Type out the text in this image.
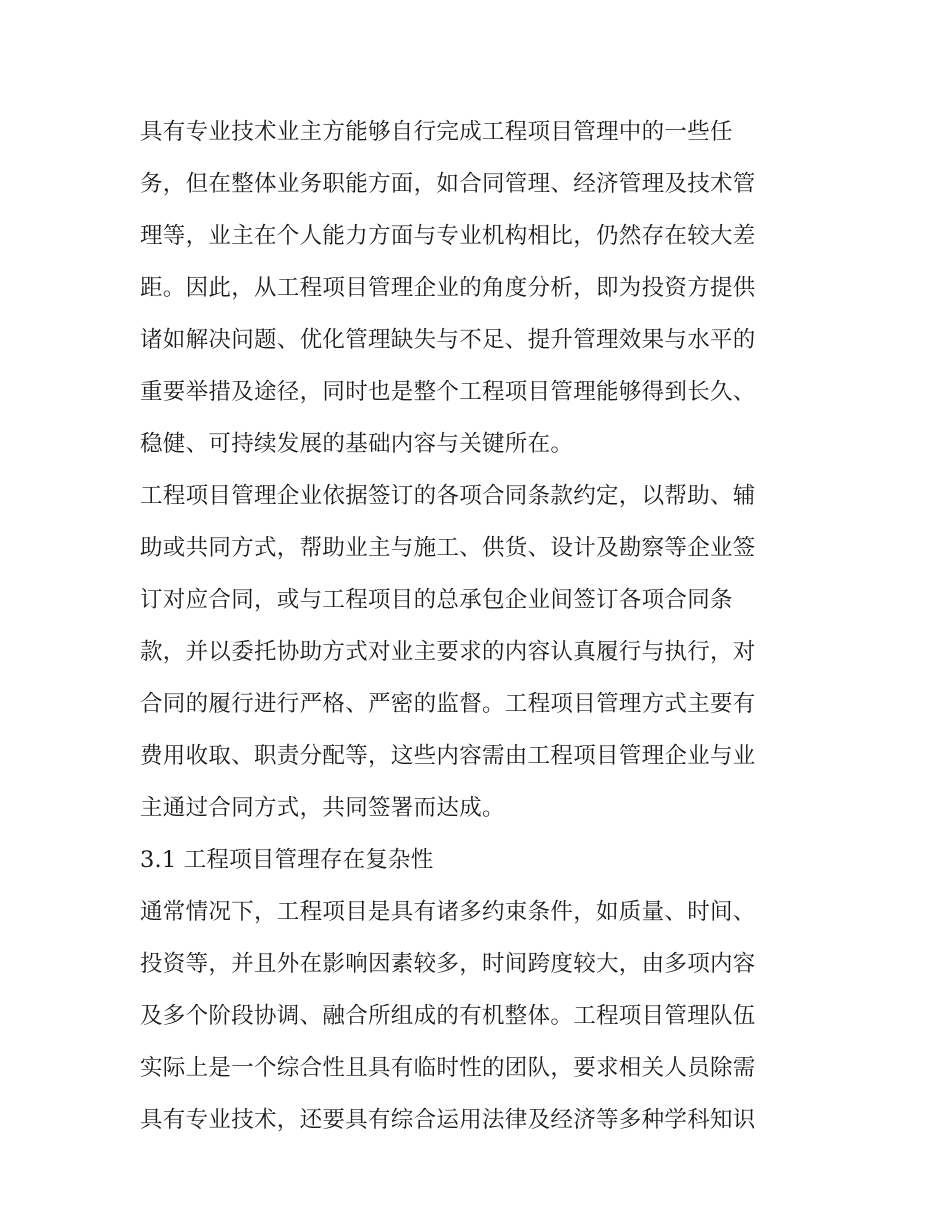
具有专业技术业主方能够自行完成工程项目管理中的一些任
务，但在整体业务职能方面，如合同管理、经济管理及技术管
理等，业主在个人能力方面与专业机构相比，仍然存在较大差
距。因此，从工程项目管理企业的角度分析，即为投资方提供
诸如解决问题、优化管理缺失与不足、提升管理效果与水平的
重要举措及途径，同时也是整个工程项目管理能够得到长久、
稳健、可持续发展的基础内容与关键所在。
工程项目管理企业依据签订的各项合同条款约定，以帮助、辅
助或共同方式，帮助业主与施工、供货、设计及勘察等企业签
订对应合同，或与工程项目的总承包企业间签订各项合同条
款，并以委托协助方式对业主要求的内容认真履行与执行，对
合同的履行进行严格、严密的监督。工程项目管理方式主要有
费用收取、职责分配等，这些内容需由工程项目管理企业与业
主通过合同方式，共同签署而达成。
3.1 工程项目管理存在复杂性
通常情况下，工程项目是具有诸多约束条件，如质量、时间、
投资等，并且外在影响因素较多，时间跨度较大，由多项内容
及多个阶段协调、融合所组成的有机整体。工程项目管理队伍
实际上是一个综合性且具有临时性的团队，要求相关人员除需
具有专业技术，还要具有综合运用法律及经济等多种学科知识
